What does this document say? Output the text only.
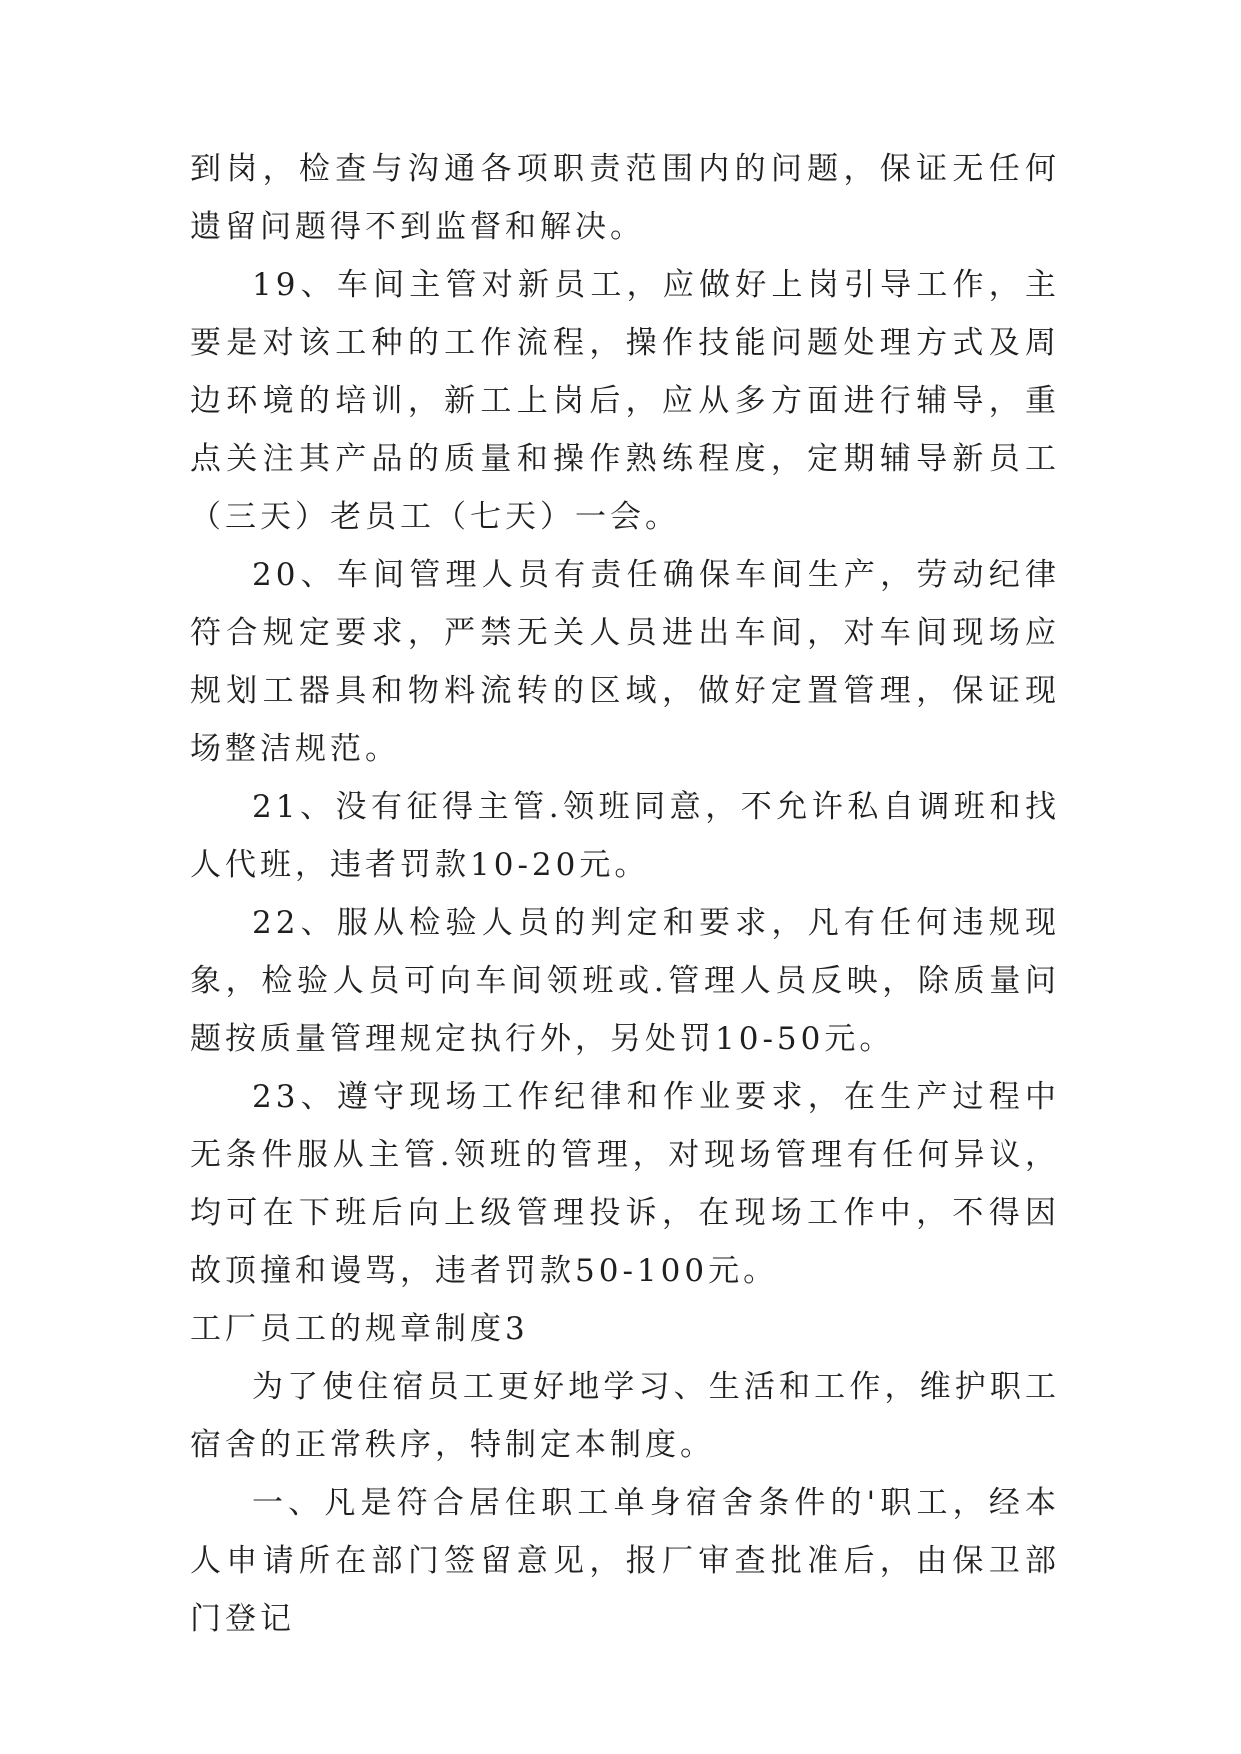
到岗，检查与沟通各项职责范围内的问题，保证无任何遗留问题得不到监督和解决。

19、车间主管对新员工，应做好上岗引导工作，主要是对该工种的工作流程，操作技能问题处理方式及周边环境的培训，新工上岗后，应从多方面进行辅导，重点关注其产品的质量和操作熟练程度，定期辅导新员工（三天）老员工（七天）一会。

20、车间管理人员有责任确保车间生产，劳动纪律符合规定要求，严禁无关人员进出车间，对车间现场应规划工器具和物料流转的区域，做好定置管理，保证现场整洁规范。

21、没有征得主管.领班同意，不允许私自调班和找人代班，违者罚款10-20元。

22、服从检验人员的判定和要求，凡有任何违规现象，检验人员可向车间领班或.管理人员反映，除质量问题按质量管理规定执行外，另处罚10-50元。

23、遵守现场工作纪律和作业要求，在生产过程中无条件服从主管.领班的管理，对现场管理有任何异议，均可在下班后向上级管理投诉，在现场工作中，不得因故顶撞和谩骂，违者罚款50-100元。

工厂员工的规章制度3

为了使住宿员工更好地学习、生活和工作，维护职工宿舍的正常秩序，特制定本制度。

一、凡是符合居住职工单身宿舍条件的'职工，经本人申请所在部门签留意见，报厂审查批准后，由保卫部门登记
